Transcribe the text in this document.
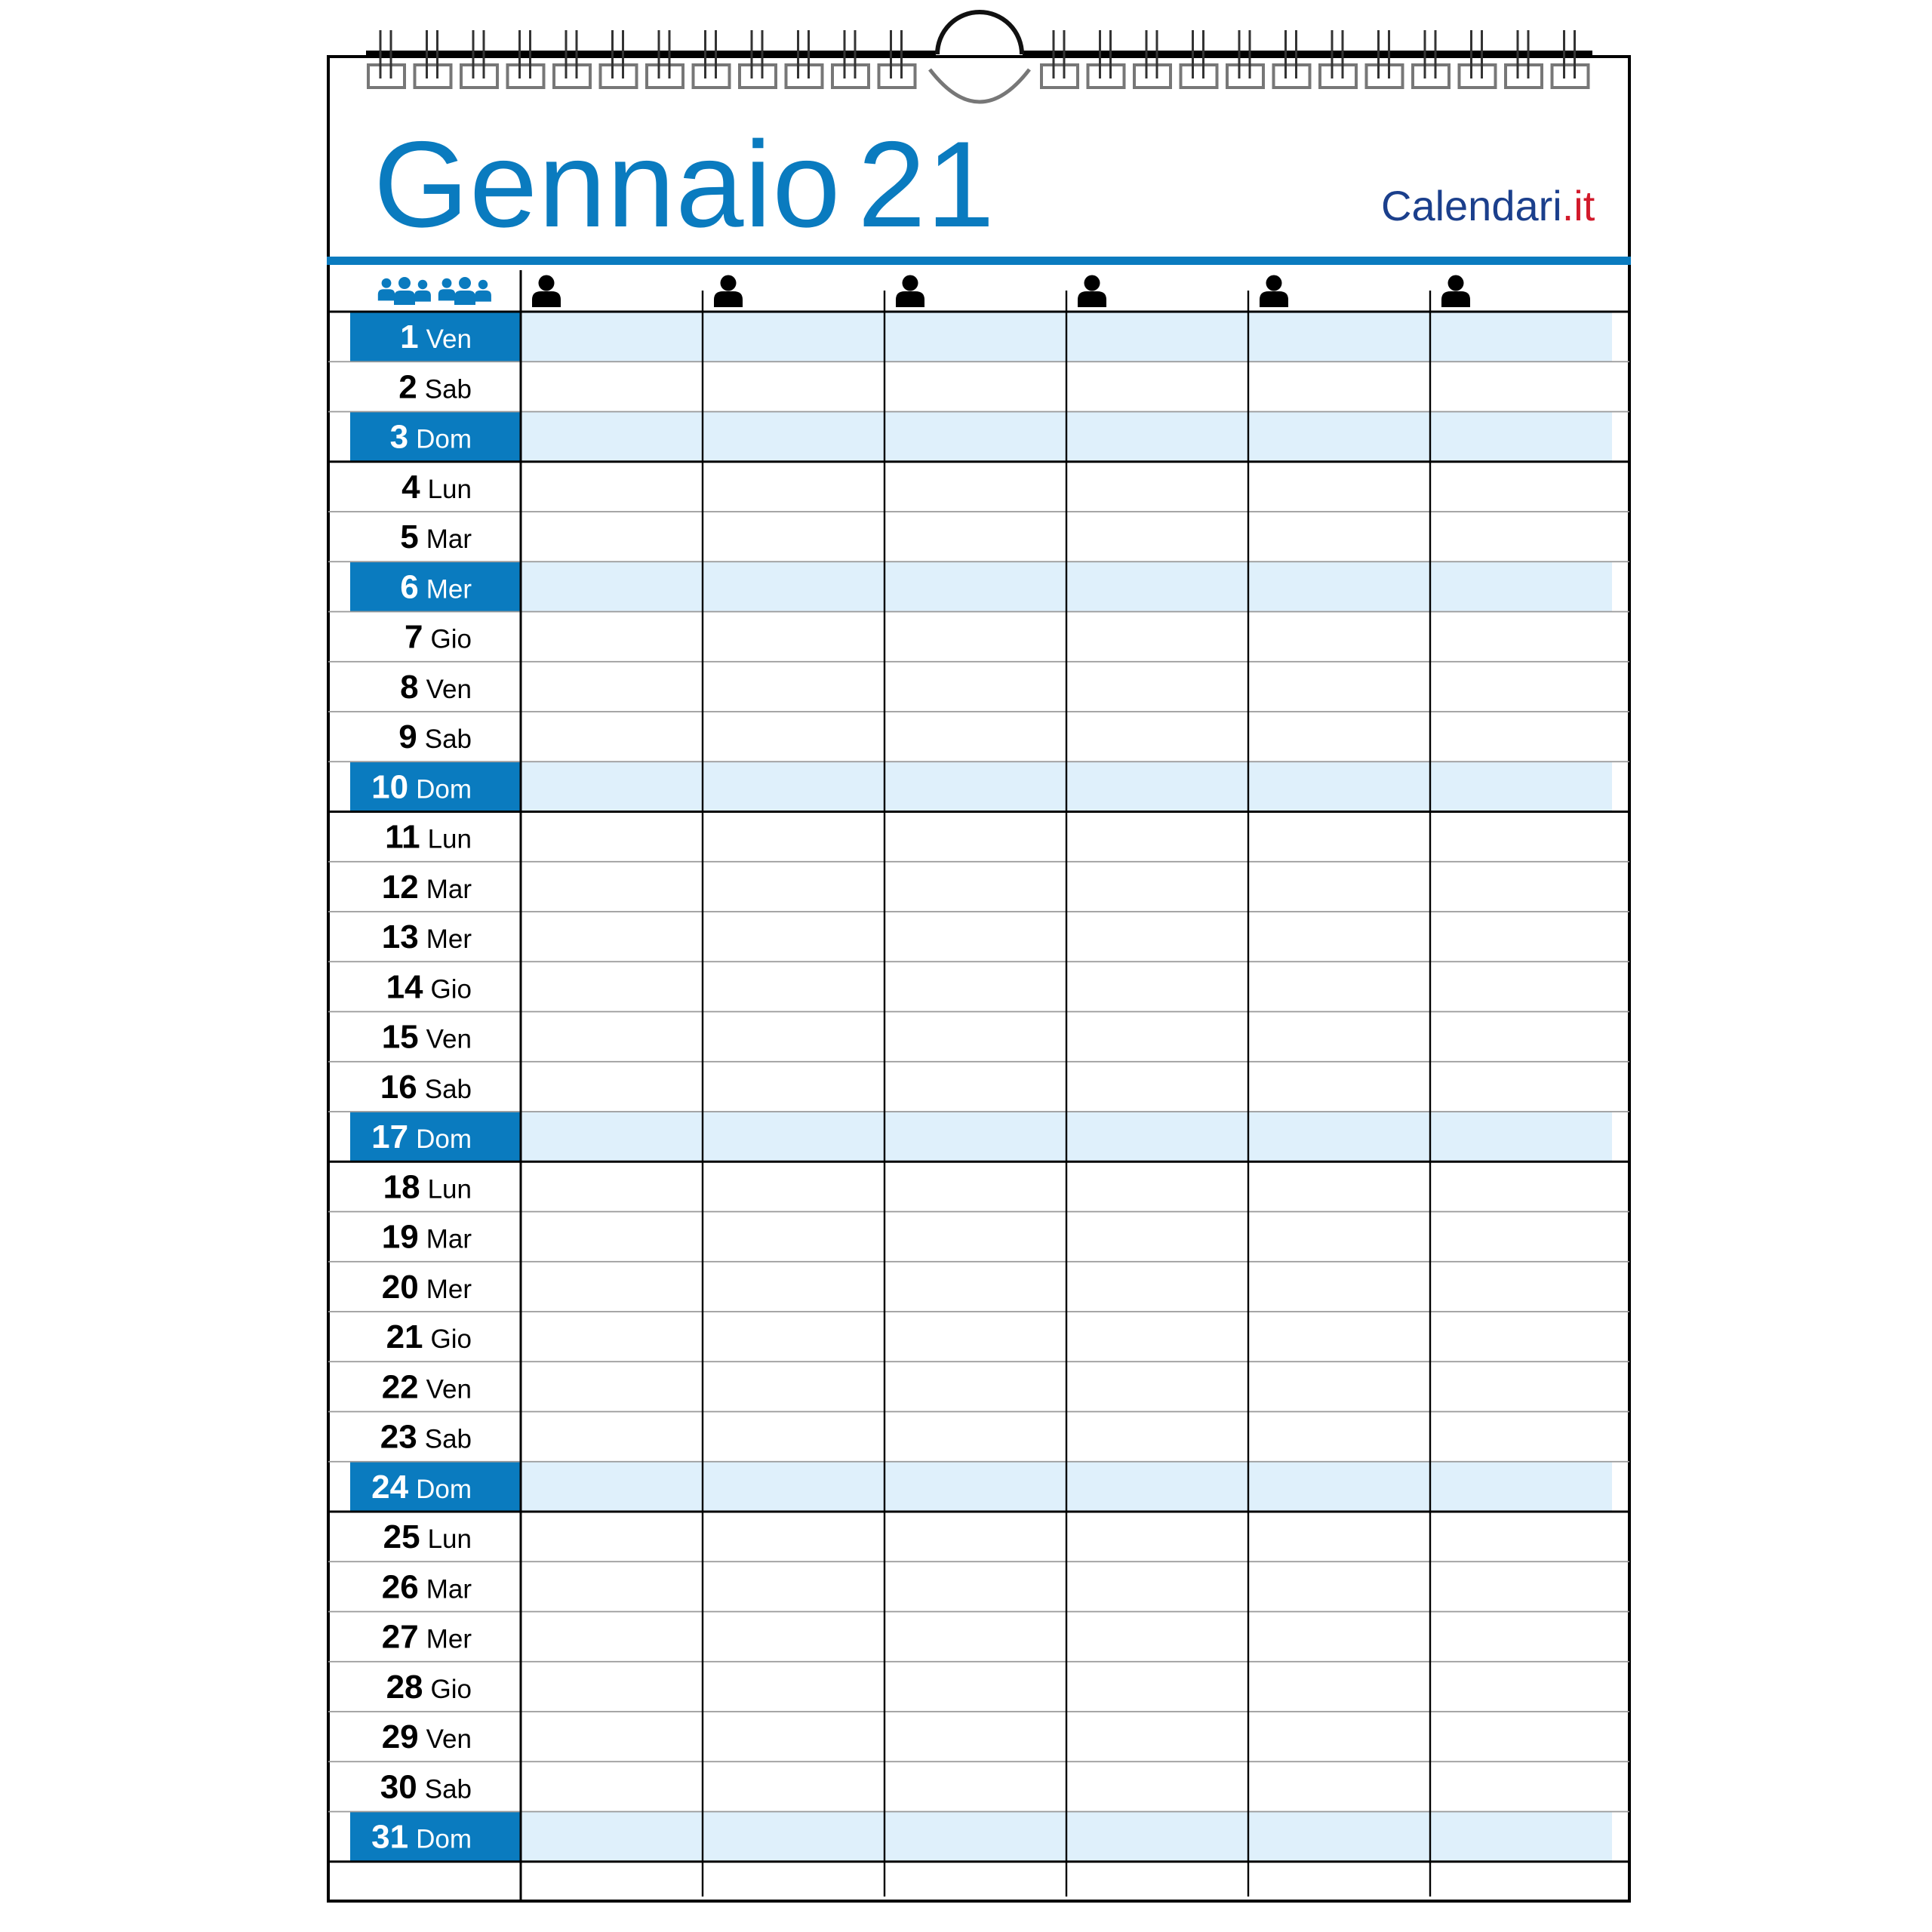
Gennaio 21	Calendari.it
1 Ven
2 Sab
3 Dom
4 Lun
5 Mar
6 Mer
7 Gio
8 Ven
9 Sab
10 Dom
11 Lun
12 Mar
13 Mer
14 Gio
15 Ven
16 Sab
17 Dom
18 Lun
19 Mar
20 Mer
21 Gio
22 Ven
23 Sab
24 Dom
25 Lun
26 Mar
27 Mer
28 Gio
29 Ven
30 Sab
31 Dom
